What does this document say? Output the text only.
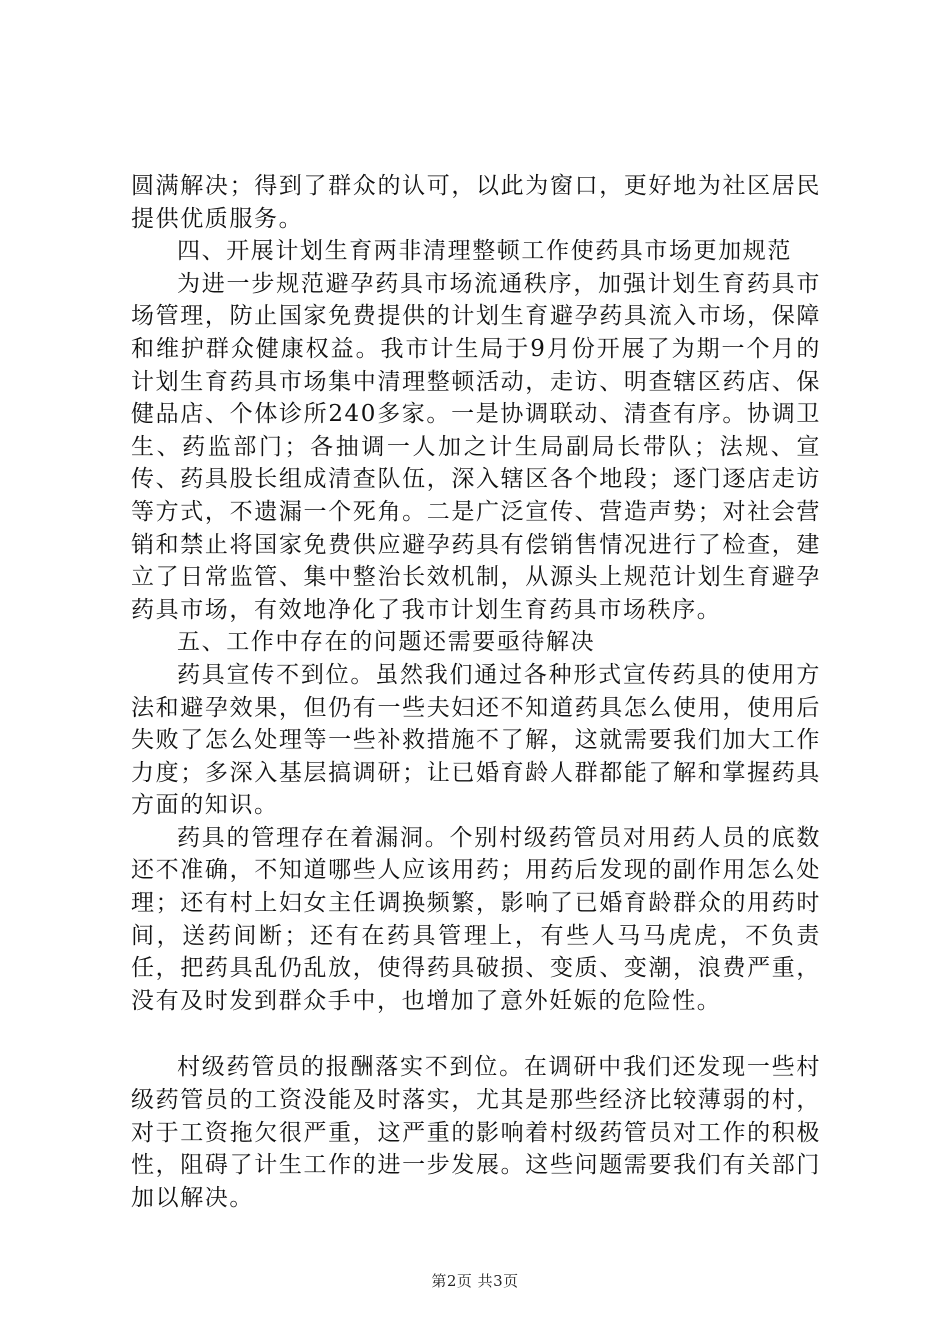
圆满解决；得到了群众的认可，以此为窗口，更好地为社区居民提供优质服务。

四、开展计划生育两非清理整顿工作使药具市场更加规范

为进一步规范避孕药具市场流通秩序，加强计划生育药具市场管理，防止国家免费提供的计划生育避孕药具流入市场，保障和维护群众健康权益。我市计生局于9月份开展了为期一个月的计划生育药具市场集中清理整顿活动，走访、明查辖区药店、保健品店、个体诊所240多家。一是协调联动、清查有序。协调卫生、药监部门；各抽调一人加之计生局副局长带队；法规、宣传、药具股长组成清查队伍，深入辖区各个地段；逐门逐店走访等方式，不遗漏一个死角。二是广泛宣传、营造声势；对社会营销和禁止将国家免费供应避孕药具有偿销售情况进行了检查，建立了日常监管、集中整治长效机制，从源头上规范计划生育避孕药具市场，有效地净化了我市计划生育药具市场秩序。

五、工作中存在的问题还需要亟待解决

药具宣传不到位。虽然我们通过各种形式宣传药具的使用方法和避孕效果，但仍有一些夫妇还不知道药具怎么使用，使用后失败了怎么处理等一些补救措施不了解，这就需要我们加大工作力度；多深入基层搞调研；让已婚育龄人群都能了解和掌握药具方面的知识。

药具的管理存在着漏洞。个别村级药管员对用药人员的底数还不准确，不知道哪些人应该用药；用药后发现的副作用怎么处理；还有村上妇女主任调换频繁，影响了已婚育龄群众的用药时间，送药间断；还有在药具管理上，有些人马马虎虎，不负责任，把药具乱仍乱放，使得药具破损、变质、变潮，浪费严重，没有及时发到群众手中，也增加了意外妊娠的危险性。

村级药管员的报酬落实不到位。在调研中我们还发现一些村级药管员的工资没能及时落实，尤其是那些经济比较薄弱的村，对于工资拖欠很严重，这严重的影响着村级药管员对工作的积极性，阻碍了计生工作的进一步发展。这些问题需要我们有关部门加以解决。

第2页 共3页
